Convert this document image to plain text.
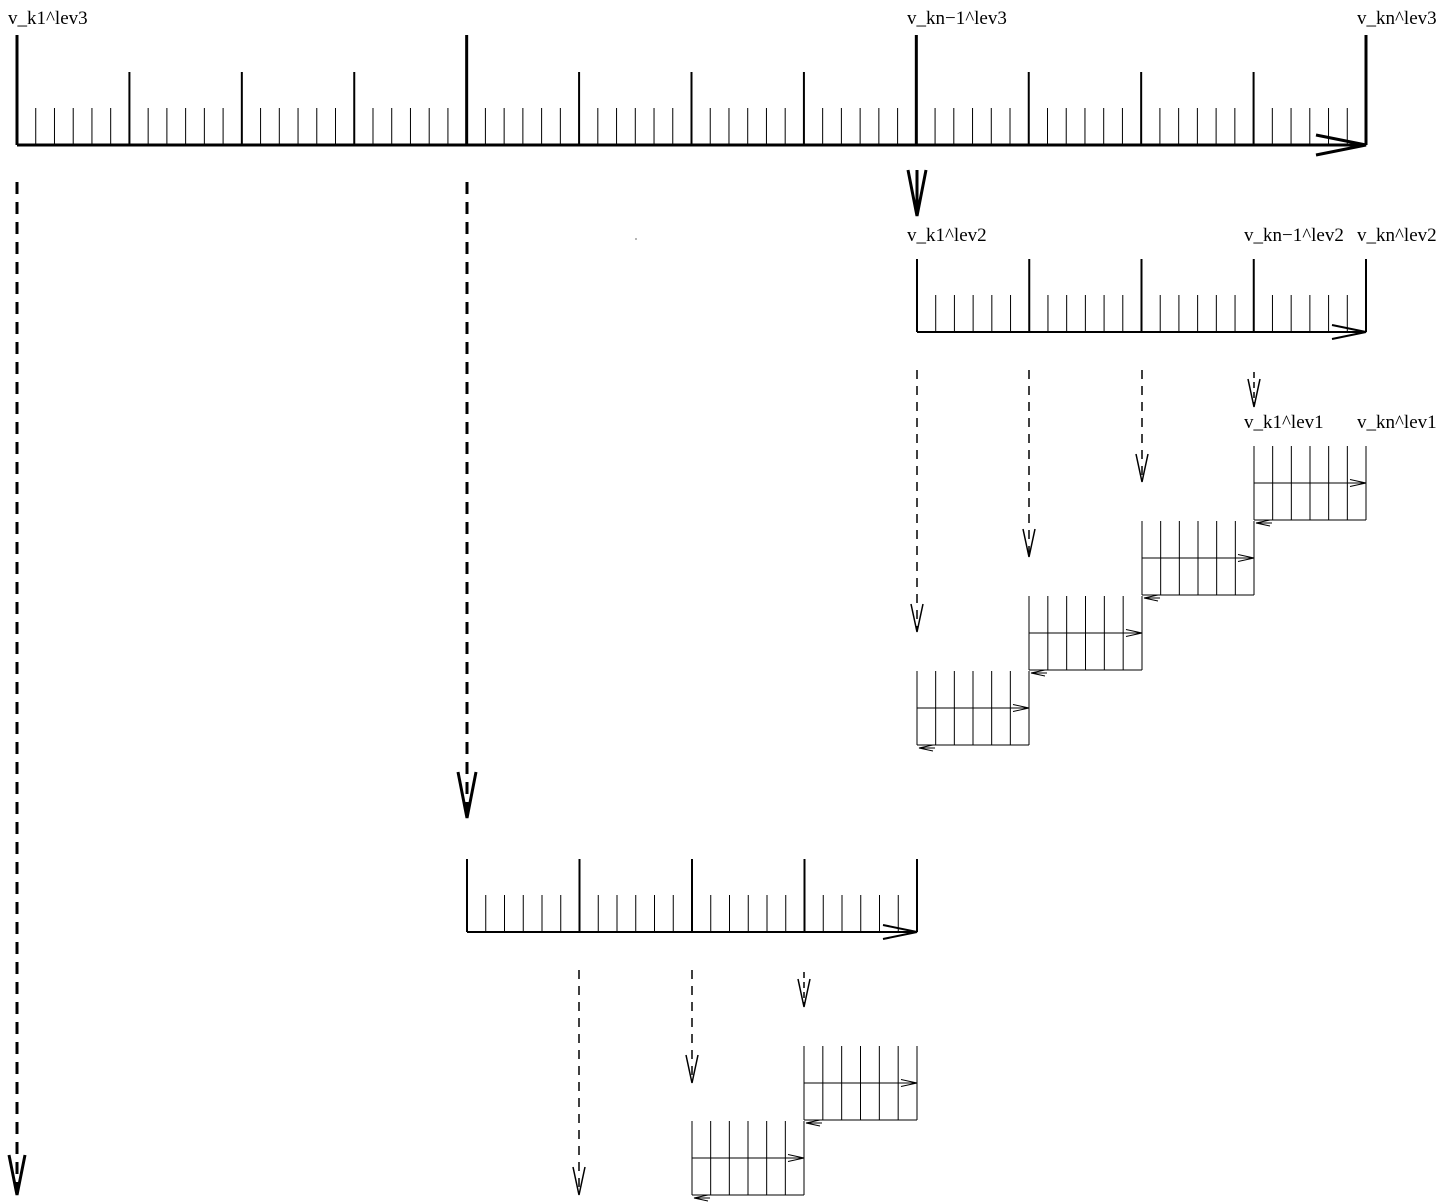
v_k1^lev3	v_kn−1^lev3	v_kn^lev3
v_k1^lev2	v_kn−1^lev2 v_kn^lev2
v_k1^lev1 v_kn^lev1
